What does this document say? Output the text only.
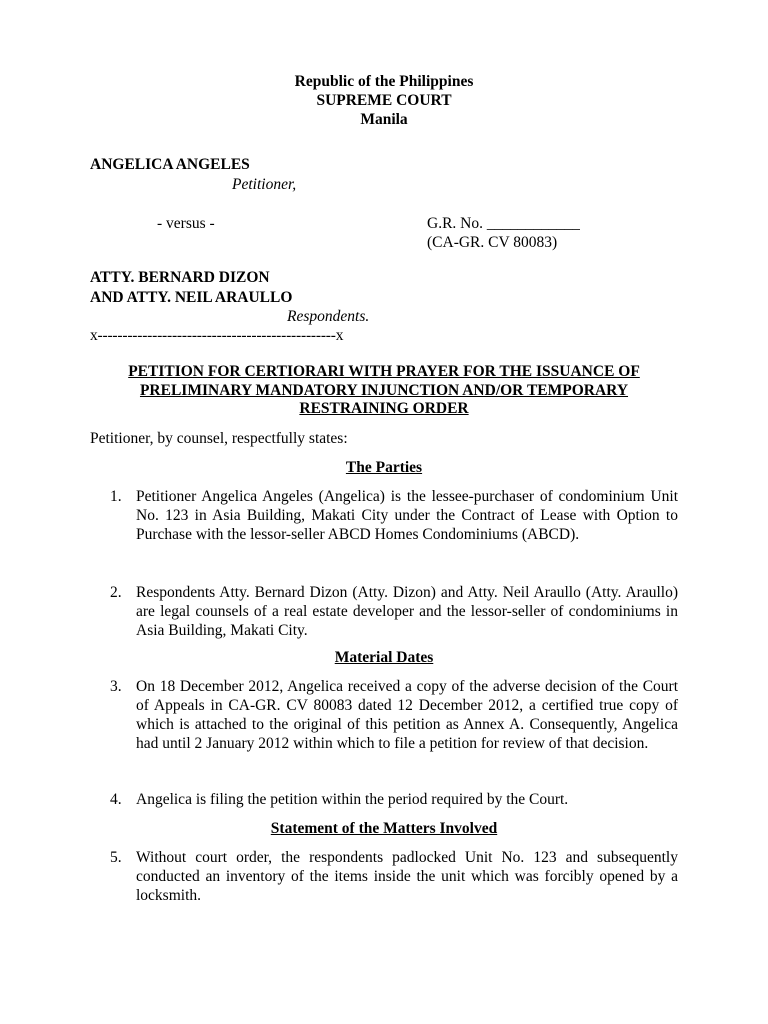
Republic of the Philippines
SUPREME COURT
Manila
ANGELICA ANGELES
Petitioner,
- versus -	G.R. No. ____________
(CA-GR. CV 80083)
ATTY. BERNARD DIZON
AND ATTY. NEIL ARAULLO
Respondents.
x------------------------------------------------x
PETITION FOR CERTIORARI WITH PRAYER FOR THE ISSUANCE OF
PRELIMINARY MANDATORY INJUNCTION AND/OR TEMPORARY
RESTRAINING ORDER
Petitioner, by counsel, respectfully states:
The Parties
1. Petitioner Angelica Angeles (Angelica) is the lessee-purchaser of condominium Unit No. 123 in Asia Building, Makati City under the Contract of Lease with Option to Purchase with the lessor-seller ABCD Homes Condominiums (ABCD).
2. Respondents Atty. Bernard Dizon (Atty. Dizon) and Atty. Neil Araullo (Atty. Araullo) are legal counsels of a real estate developer and the lessor-seller of condominiums in Asia Building, Makati City.
Material Dates
3. On 18 December 2012, Angelica received a copy of the adverse decision of the Court of Appeals in CA-GR. CV 80083 dated 12 December 2012, a certified true copy of which is attached to the original of this petition as Annex A. Consequently, Angelica had until 2 January 2012 within which to file a petition for review of that decision.
4. Angelica is filing the petition within the period required by the Court.
Statement of the Matters Involved
5. Without court order, the respondents padlocked Unit No. 123 and subsequently conducted an inventory of the items inside the unit which was forcibly opened by a locksmith.
